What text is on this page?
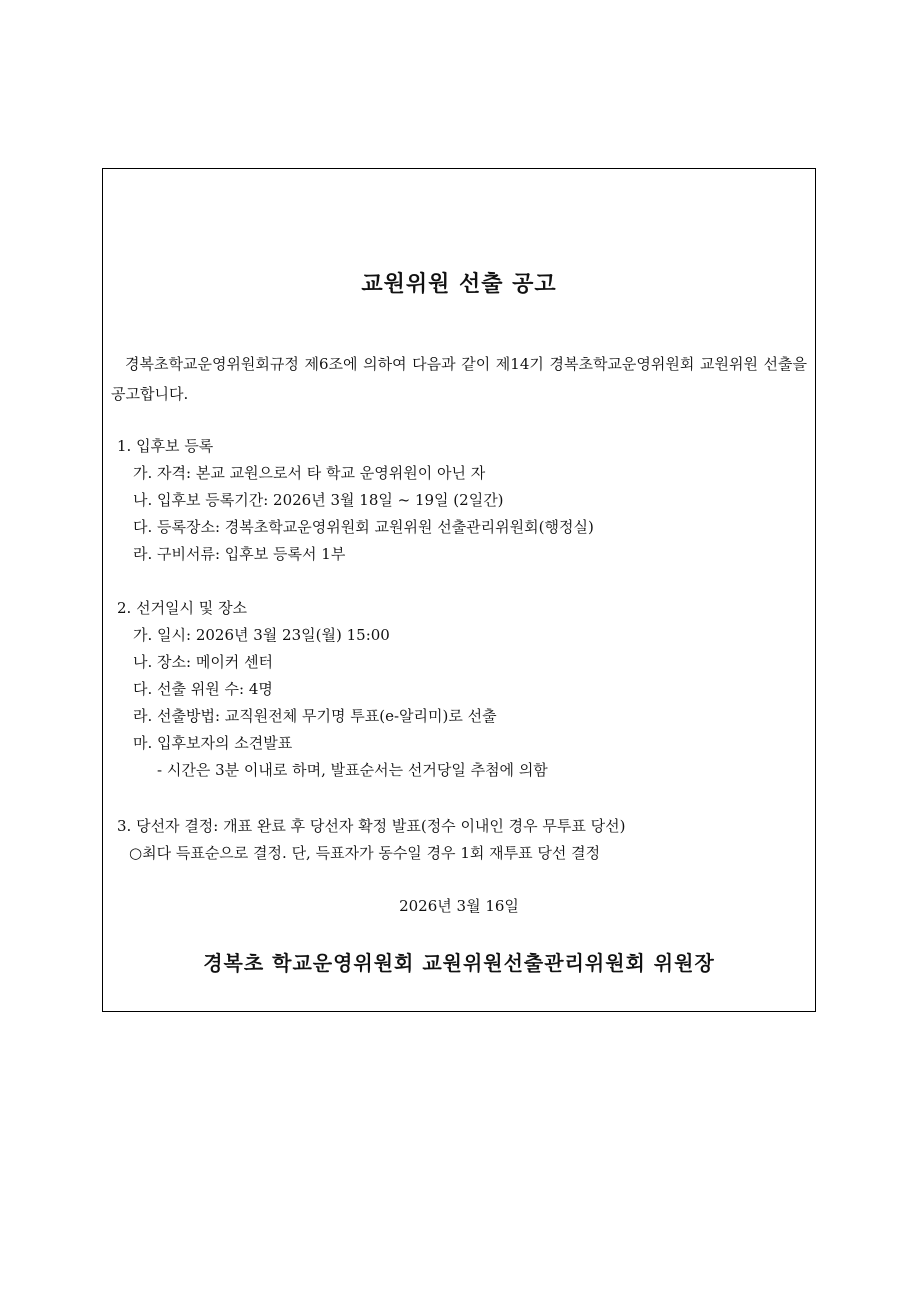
교원위원 선출 공고
경복초학교운영위원회규정 제6조에 의하여 다음과 같이 제14기 경복초학교운영위원회 교원위원 선출을 공고합니다.
1. 입후보 등록
가. 자격: 본교 교원으로서 타 학교 운영위원이 아닌 자
나. 입후보 등록기간: 2026년 3월 18일 ~ 19일 (2일간)
다. 등록장소: 경복초학교운영위원회 교원위원 선출관리위원회(행정실)
라. 구비서류: 입후보 등록서 1부
2. 선거일시 및 장소
가. 일시: 2026년 3월 23일(월) 15:00
나. 장소: 메이커 센터
다. 선출 위원 수: 4명
라. 선출방법: 교직원전체 무기명 투표(e-알리미)로 선출
마. 입후보자의 소견발표
- 시간은 3분 이내로 하며, 발표순서는 선거당일 추첨에 의함
3. 당선자 결정: 개표 완료 후 당선자 확정 발표(정수 이내인 경우 무투표 당선)
○최다 득표순으로 결정. 단, 득표자가 동수일 경우 1회 재투표 당선 결정
2026년 3월 16일
경복초 학교운영위원회 교원위원선출관리위원회 위원장
